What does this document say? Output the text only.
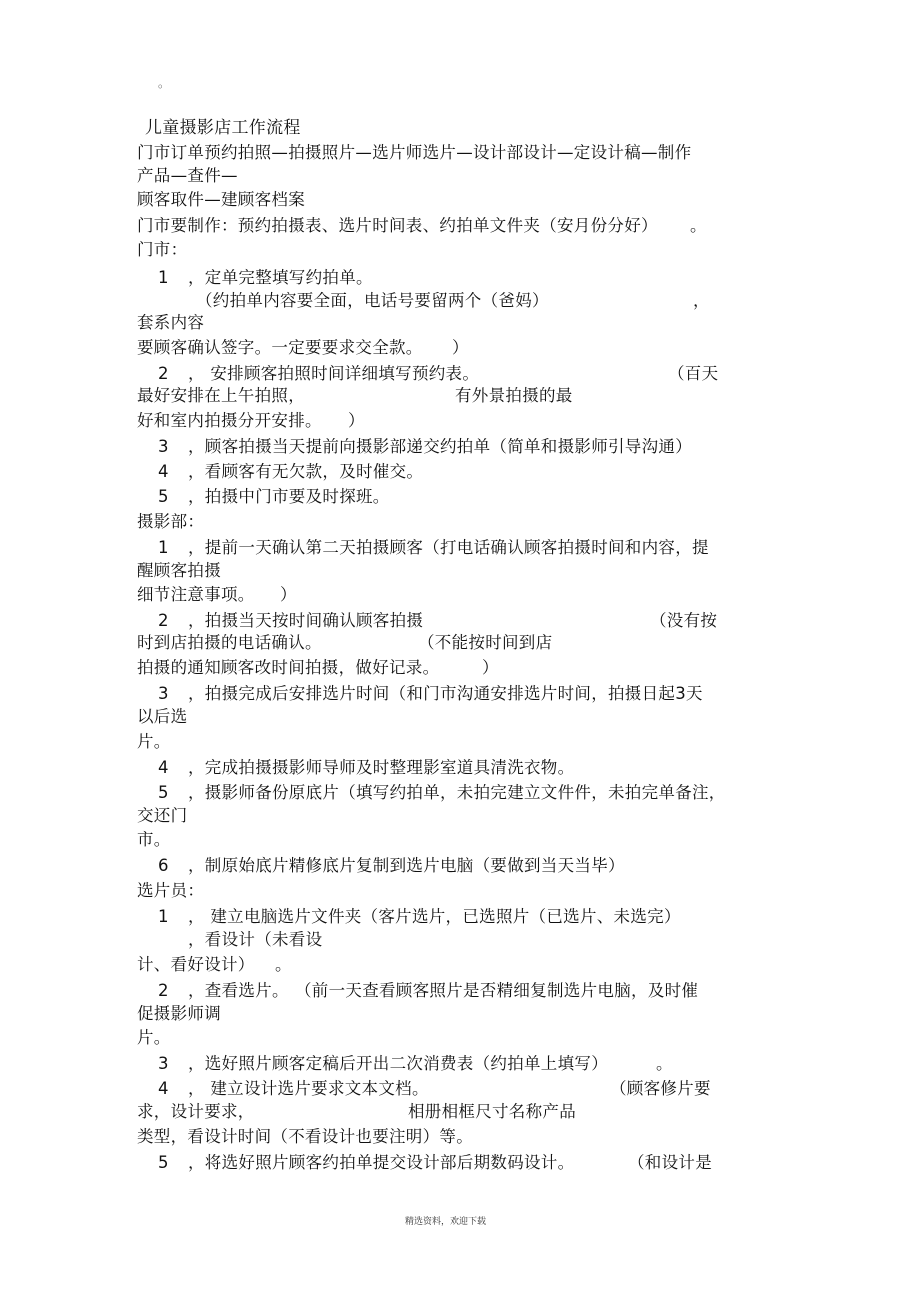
。
儿童摄影店工作流程
门市订单预约拍照—拍摄照片—选片师选片—设计部设计—定设计稿—制作
产品—查件—
顾客取件—建顾客档案
门市要制作：预约拍摄表、选片时间表、约拍单文件夹（安月份分好） 。
门市：
1 ，定单完整填写约拍单。
（约拍单内容要全面，电话号要留两个（爸妈）	，
套系内容
要顾客确认签字。一定要要求交全款。 ）
2 ， 安排顾客拍照时间详细填写预约表。	（百天
最好安排在上午拍照，	有外景拍摄的最
好和室内拍摄分开安排。 ）
3 ，顾客拍摄当天提前向摄影部递交约拍单（简单和摄影师引导沟通）
4 ，看顾客有无欠款，及时催交。
5 ，拍摄中门市要及时探班。
摄影部：
1 ，提前一天确认第二天拍摄顾客（打电话确认顾客拍摄时间和内容，提
醒顾客拍摄
细节注意事项。 ）
2 ，拍摄当天按时间确认顾客拍摄	（没有按
时到店拍摄的电话确认。	（不能按时间到店
拍摄的通知顾客改时间拍摄，做好记录。	）
3 ，拍摄完成后安排选片时间（和门市沟通安排选片时间，拍摄日起3天
以后选
片。
4 ，完成拍摄摄影师导师及时整理影室道具清洗衣物。
5 ，摄影师备份原底片（填写约拍单，未拍完建立文件件，未拍完单备注，
交还门
市。
6 ，制原始底片精修底片复制到选片电脑（要做到当天当毕）
选片员：
1 ， 建立电脑选片文件夹（客片选片，已选照片（已选片、未选完）
，看设计（未看设
计、看好设计） 。
2 ，查看选片。 （前一天查看顾客照片是否精细复制选片电脑，及时催
促摄影师调
片。
3 ，选好照片顾客定稿后开出二次消费表（约拍单上填写）	。
4 ， 建立设计选片要求文本文档。	（顾客修片要
求，设计要求，	相册相框尺寸名称产品
类型，看设计时间（不看设计也要注明）等。
5 ，将选好照片顾客约拍单提交设计部后期数码设计。	（和设计是
精选资料，欢迎下载
